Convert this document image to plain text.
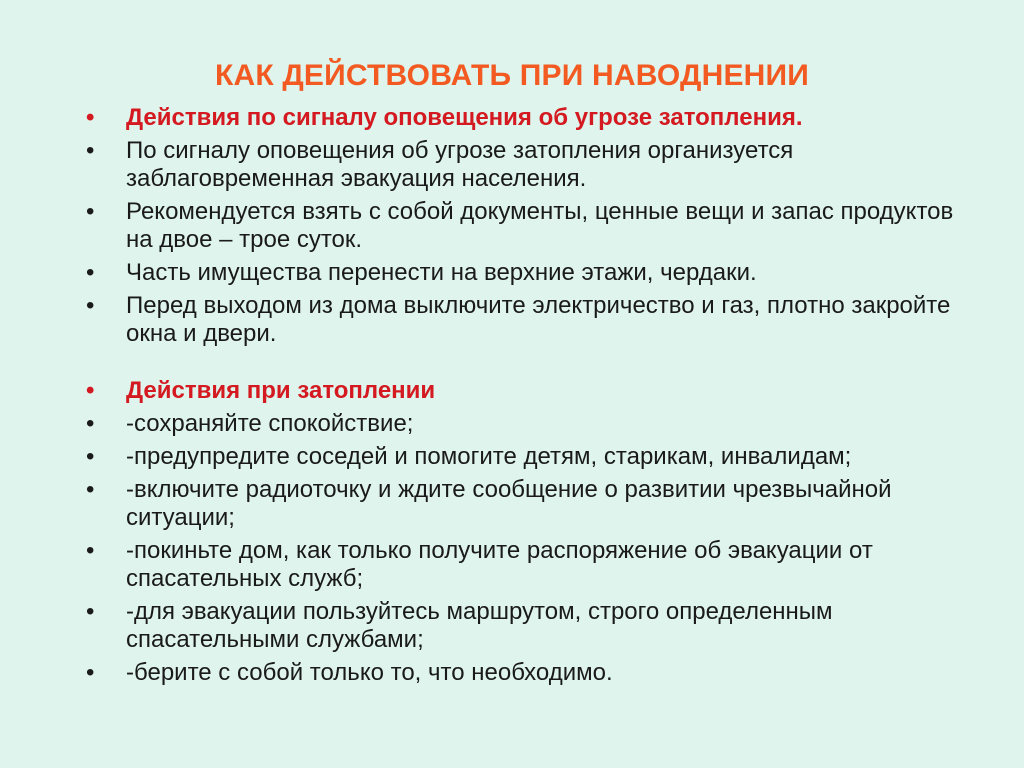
КАК ДЕЙСТВОВАТЬ ПРИ НАВОДНЕНИИ
•	Действия по сигналу оповещения об угрозе затопления.
•	По сигналу оповещения об угрозе затопления организуется заблаговременная эвакуация населения.
•	Рекомендуется взять с собой документы, ценные вещи и запас продуктов на двое – трое суток.
•	Часть имущества перенести на верхние этажи, чердаки.
•	Перед выходом из дома выключите электричество и газ, плотно закройте окна и двери.
•	Действия при затоплении
•	-сохраняйте спокойствие;
•	-предупредите соседей и помогите детям, старикам, инвалидам;
•	-включите радиоточку и ждите сообщение о развитии чрезвычайной ситуации;
•	-покиньте дом, как только получите распоряжение об эвакуации от спасательных служб;
•	-для эвакуации пользуйтесь маршрутом, строго определенным спасательными службами;
•	-берите с собой только то, что необходимо.
